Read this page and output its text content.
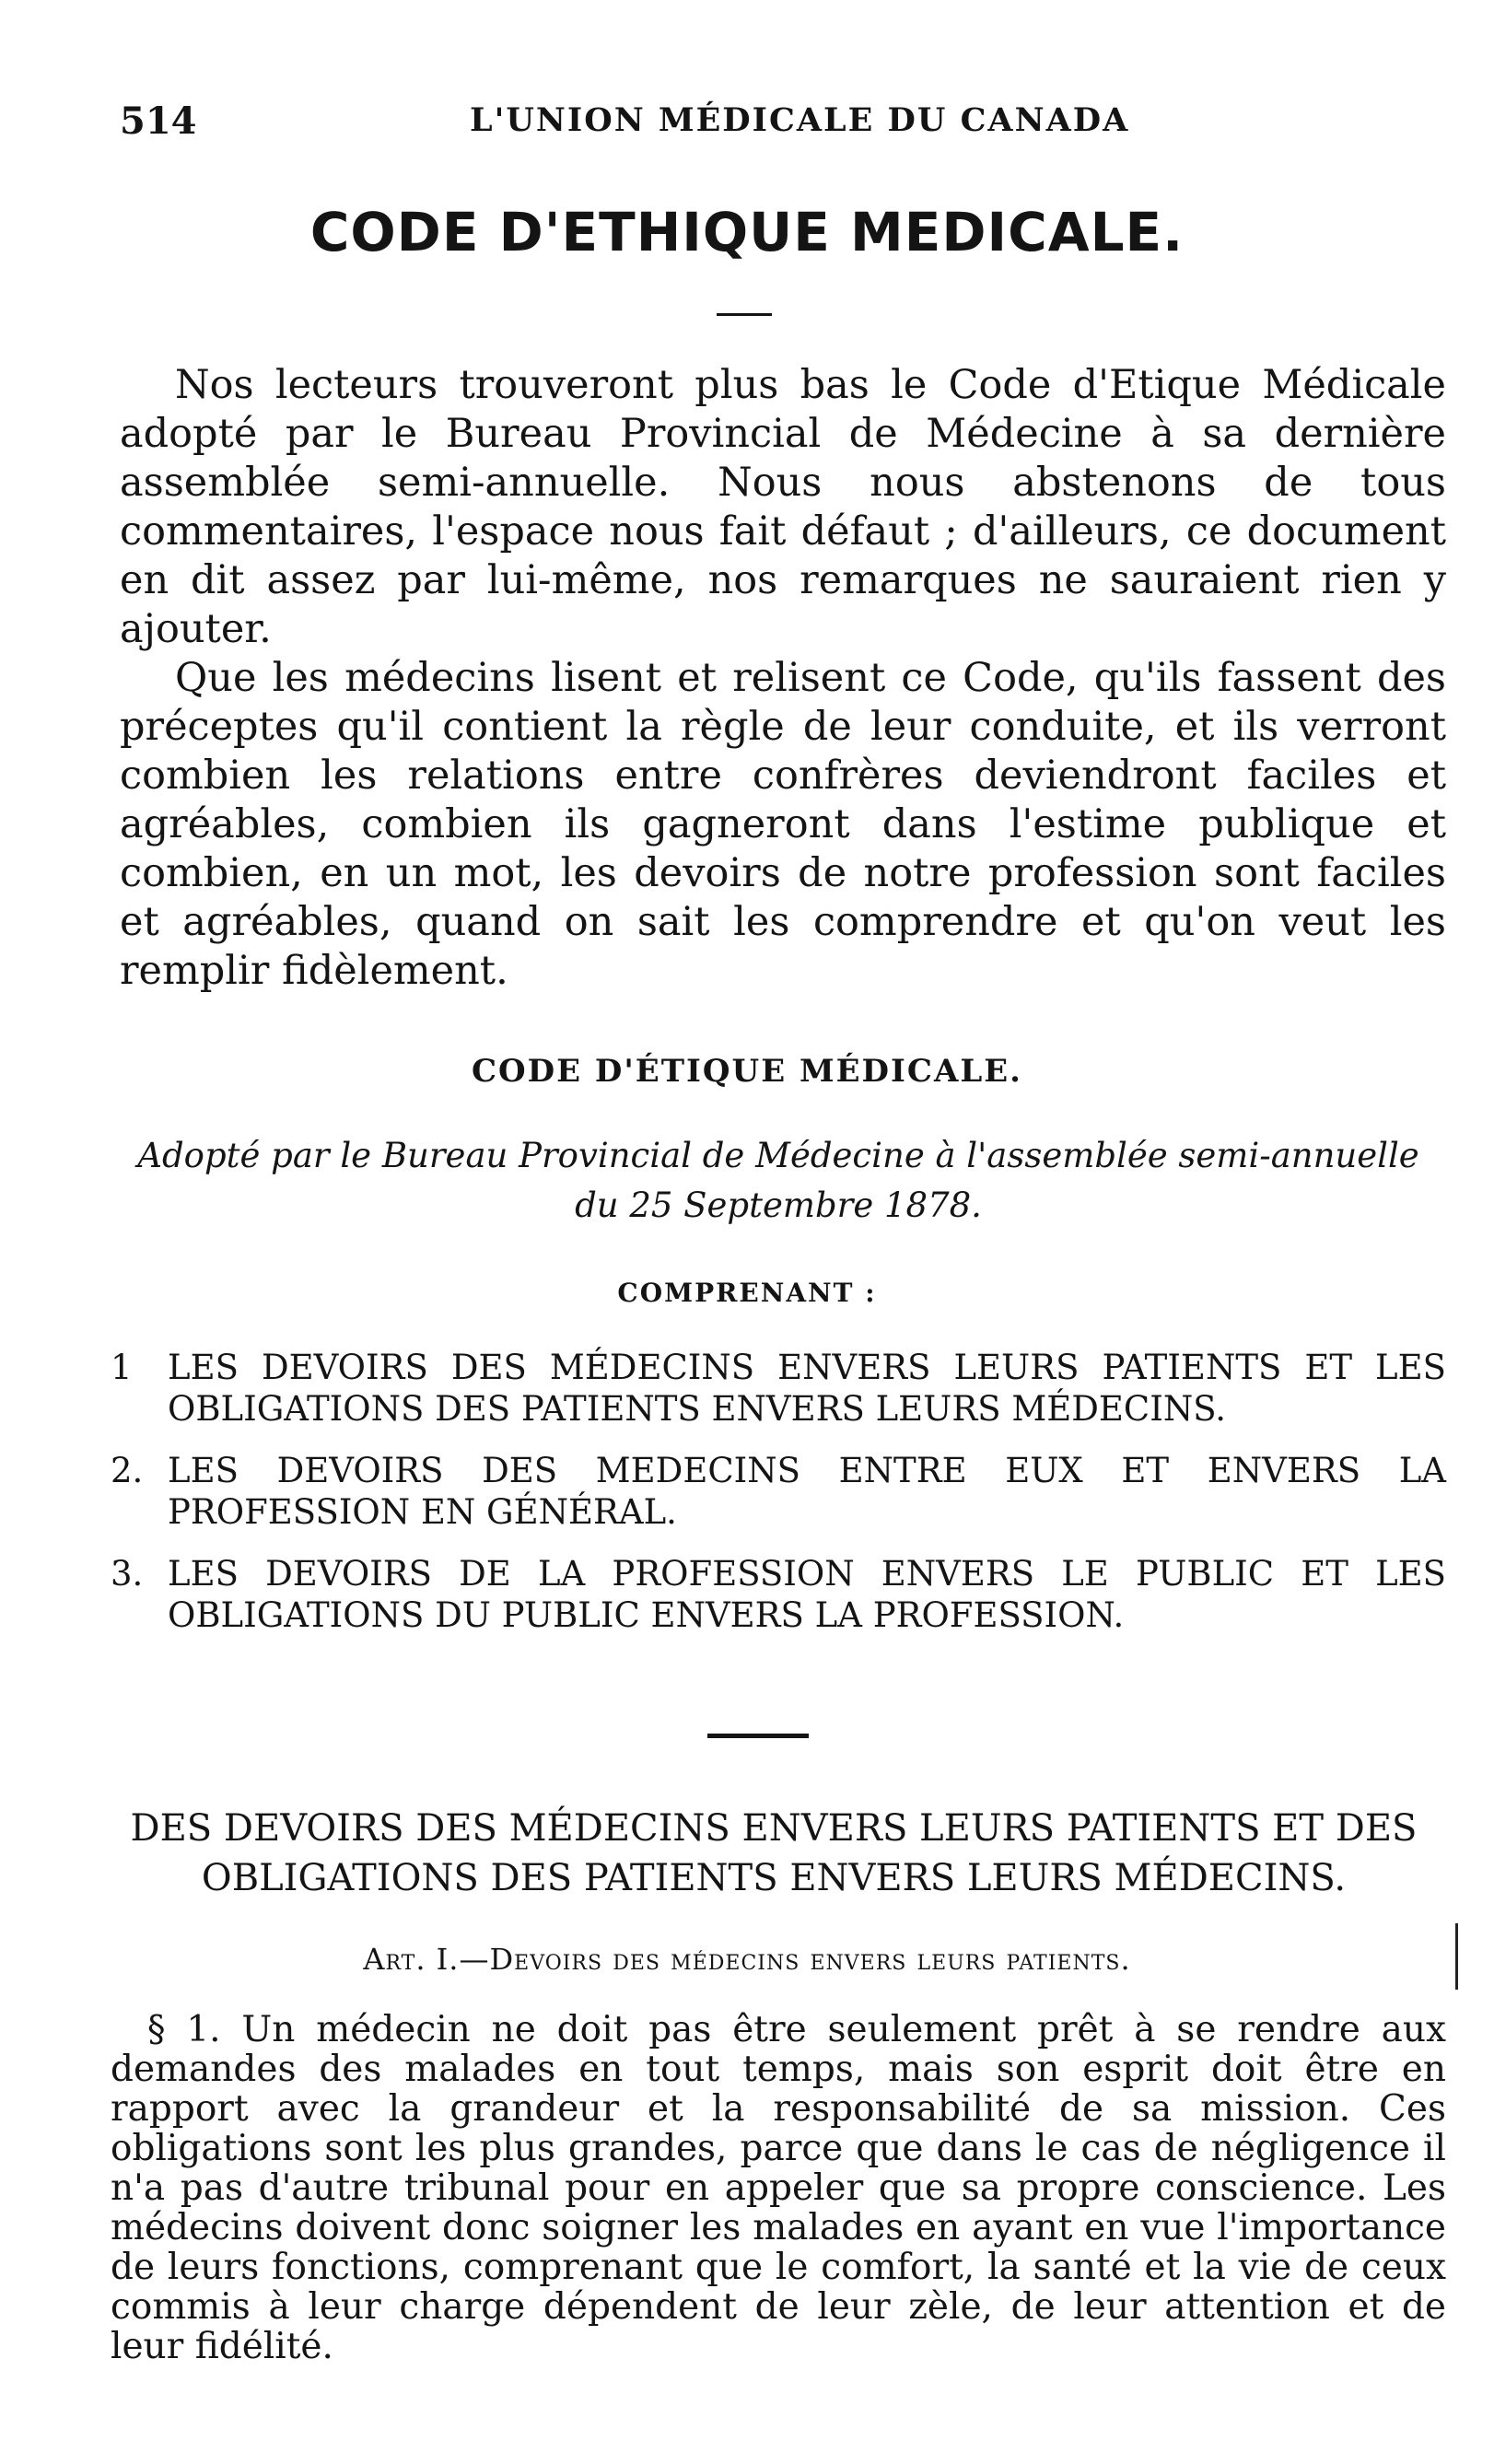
514	L'UNION MÉDICALE DU CANADA
CODE D'ETHIQUE MEDICALE.

Nos lecteurs trouveront plus bas le Code d'Etique Médicale adopté par le Bureau Provincial de Médecine à sa dernière assemblée semi-annuelle. Nous nous abstenons de tous commentaires, l'espace nous fait défaut ; d'ailleurs, ce document en dit assez par lui-même, nos remarques ne sauraient rien y ajouter.

Que les médecins lisent et relisent ce Code, qu'ils fassent des préceptes qu'il contient la règle de leur conduite, et ils verront combien les relations entre confrères deviendront faciles et agréables, combien ils gagneront dans l'estime publique et combien, en un mot, les devoirs de notre profession sont faciles et agréables, quand on sait les comprendre et qu'on veut les remplir fidèlement.

CODE D'ÉTIQUE MÉDICALE.
Adopté par le Bureau Provincial de Médecine à l'assemblée semi-annuelle du 25 Septembre 1878.
COMPRENANT :
1 LES DEVOIRS DES MÉDECINS ENVERS LEURS PATIENTS ET LES OBLIGATIONS DES PATIENTS ENVERS LEURS MÉDECINS.
2. LES DEVOIRS DES MEDECINS ENTRE EUX ET ENVERS LA PROFESSION EN GÉNÉRAL.
3. LES DEVOIRS DE LA PROFESSION ENVERS LE PUBLIC ET LES OBLIGATIONS DU PUBLIC ENVERS LA PROFESSION.
DES DEVOIRS DES MÉDECINS ENVERS LEURS PATIENTS ET DES OBLIGATIONS DES PATIENTS ENVERS LEURS MÉDECINS.
Art. I.—Devoirs des médecins envers leurs patients.

§ 1. Un médecin ne doit pas être seulement prêt à se rendre aux demandes des malades en tout temps, mais son esprit doit être en rapport avec la grandeur et la responsabilité de sa mission. Ces obligations sont les plus grandes, parce que dans le cas de négligence il n'a pas d'autre tribunal pour en appeler que sa propre conscience. Les médecins doivent donc soigner les malades en ayant en vue l'importance de leurs fonctions, comprenant que le comfort, la santé et la vie de ceux commis à leur charge dépendent de leur zèle, de leur attention et de leur fidélité.
